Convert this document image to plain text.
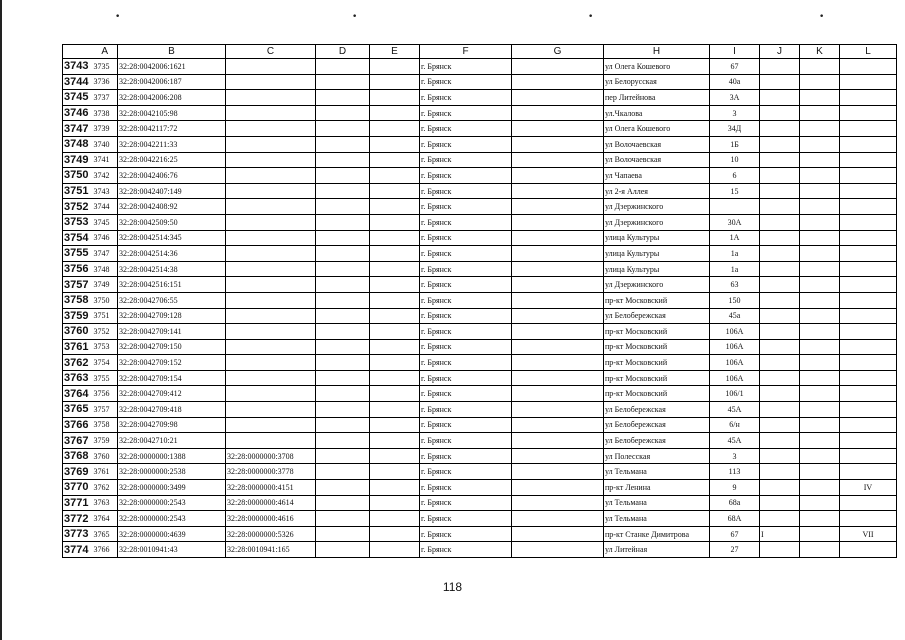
•	•	•	•
	A	B	C	D	E	F	G	H	I	J	K	L
3743	3735	32:28:0042006:1621				г. Брянск		ул Олега Кошевого	67			
3744	3736	32:28:0042006:187				г. Брянск		ул Белорусская	40а			
3745	3737	32:28:0042006:208				г. Брянск		пер Литейнова	3А			
3746	3738	32:28:0042105:98				г. Брянск		ул.Чкалова	3			
3747	3739	32:28:0042117:72				г. Брянск		ул Олега Кошевого	34Д			
3748	3740	32:28:0042211:33				г. Брянск		ул Волочаевская	1Б			
3749	3741	32:28:0042216:25				г. Брянск		ул Волочаевская	10			
3750	3742	32:28:0042406:76				г. Брянск		ул Чапаева	6			
3751	3743	32:28:0042407:149				г. Брянск		ул 2-я Аллея	15			
3752	3744	32:28:0042408:92				г. Брянск		ул Дзержинского				
3753	3745	32:28:0042509:50				г. Брянск		ул Дзержинского	30А			
3754	3746	32:28:0042514:345				г. Брянск		улица Культуры	1А			
3755	3747	32:28:0042514:36				г. Брянск		улица Культуры	1а			
3756	3748	32:28:0042514:38				г. Брянск		улица Культуры	1а			
3757	3749	32:28:0042516:151				г. Брянск		ул Дзержинского	63			
3758	3750	32:28:0042706:55				г. Брянск		пр-кт Московский	150			
3759	3751	32:28:0042709:128				г. Брянск		ул Белобережская	45а			
3760	3752	32:28:0042709:141				г. Брянск		пр-кт Московский	106А			
3761	3753	32:28:0042709:150				г. Брянск		пр-кт Московский	106А			
3762	3754	32:28:0042709:152				г. Брянск		пр-кт Московский	106А			
3763	3755	32:28:0042709:154				г. Брянск		пр-кт Московский	106А			
3764	3756	32:28:0042709:412				г. Брянск		пр-кт Московский	106/1			
3765	3757	32:28:0042709:418				г. Брянск		ул Белобережская	45А			
3766	3758	32:28:0042709:98				г. Брянск		ул Белобережская	6/н			
3767	3759	32:28:0042710:21				г. Брянск		ул Белобережская	45А			
3768	3760	32:28:0000000:1388	32:28:0000000:3708			г. Брянск		ул Полесская	3			
3769	3761	32:28:0000000:2538	32:28:0000000:3778			г. Брянск		ул Тельмана	113			
3770	3762	32:28:0000000:3499	32:28:0000000:4151			г. Брянск		пр-кт Ленина	9			IV
3771	3763	32:28:0000000:2543	32:28:0000000:4614			г. Брянск		ул Тельмана	68а			
3772	3764	32:28:0000000:2543	32:28:0000000:4616			г. Брянск		ул Тельмана	68А			
3773	3765	32:28:0000000:4639	32:28:0000000:5326			г. Брянск		пр-кт Станке Димитрова	67	I		VII
3774	3766	32:28:0010941:43	32:28:0010941:165			г. Брянск		ул Литейная	27			
118
